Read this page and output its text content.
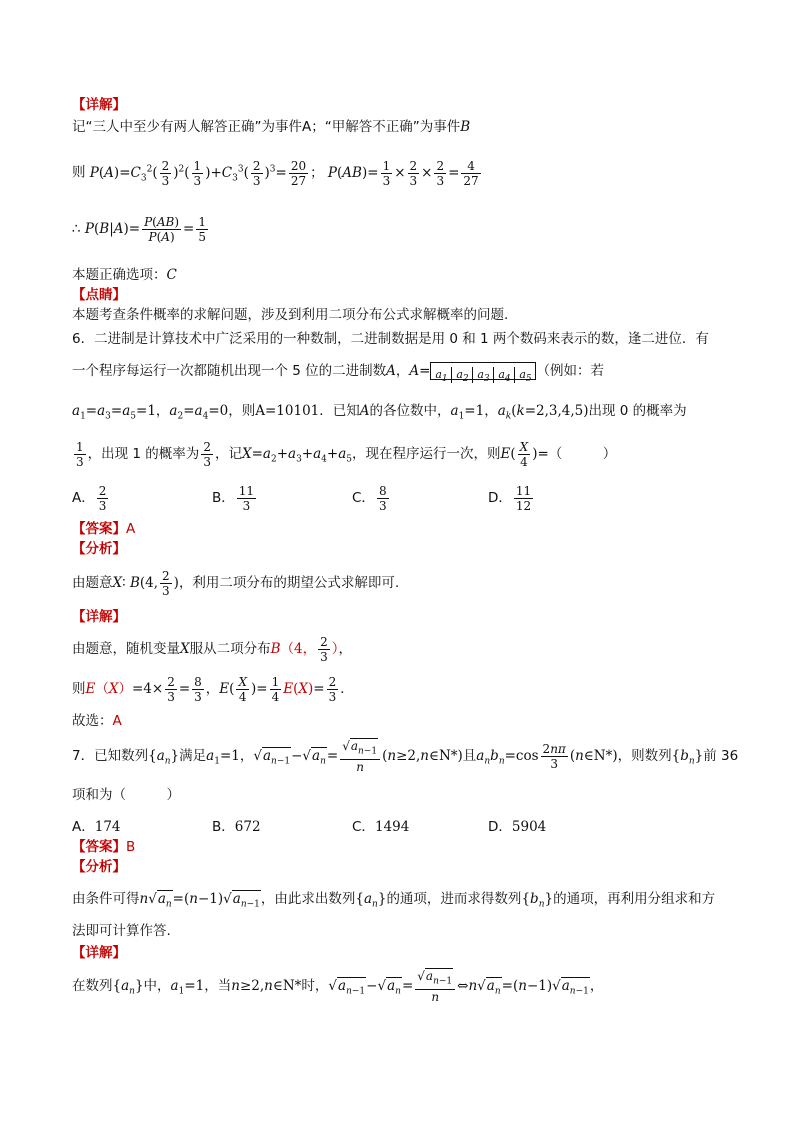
【详解】
记“三人中至少有两人解答正确”为事件A；“甲解答不正确”为事件B
则 $P(A)=C_3^2( \frac{2}{3} )^2( \frac{1}{3} )+C_3^3( \frac{2}{3} )^3= \frac{20}{27}$ ； $P(AB)= \frac{1}{3} \times \frac{2}{3} \times \frac{2}{3} = \frac{4}{27}$
∴ $P(B|A)= \frac{P(AB)}{P(A)} = \frac{1}{5}$
本题正确选项：C
【点睛】
本题考查条件概率的求解问题，涉及到利用二项分布公式求解概率的问题.
6．二进制是计算技术中广泛采用的一种数制，二进制数据是用 0 和 1 两个数码来表示的数，逢二进位．有
一个程序每运行一次都随机出现一个 5 位的二进制数A，$A= a_1$ $a_2$ $a_3$ $a_4$ $a_5$（例如：若
$a_1=a_3=a_5=1$，$a_2=a_4=0$，则A=10101．已知A的各位数中，$a_1=1$，$a_k(k=2,3,4,5)$出现 0 的概率为
$\frac{1}{3}$ ，出现 1 的概率为 $\frac{2}{3}$ ，记$X=a_2+a_3+a_4+a_5$，现在程序运行一次，则$E( \frac{X}{4}$ )=（　　　）
A． $\frac{2}{3}$	B． $\frac{11}{3}$	C． $\frac{8}{3}$	D． $\frac{11}{12}$
【答案】A
【分析】
由题意X∶ B(4, $\frac{2}{3}$ )，利用二项分布的期望公式求解即可.
【详解】
由题意，随机变量X服从二项分布B（4， $\frac{2}{3}$ ），
则$E(X)=4\times \frac{2}{3} = \frac{8}{3}$ ，$E( \frac{X}{4}$ )= $\frac{1}{4} E(X)= \frac{2}{3}$ ．
故选：A
7．已知数列$\{a_n\}$满足$a_1=1$，$√a_{n-1}-√a_n= \frac{√a_{n-1}}{n}$ (n≥2,n∈N*)且$a_nb_n=\cos \frac{2n\pi}{3}$ (n∈N*)，则数列$\{b_n\}$前 36
项和为（　　　）
A．174	B．672	C．1494	D．5904
【答案】B
【分析】
由条件可得$n√a_n=(n-1)√a_{n-1}$，由此求出数列$\{a_n\}$的通项，进而求得数列$\{b_n\}$的通项，再利用分组求和方
法即可计算作答.
【详解】
在数列$\{a_n\}$中，$a_1=1$，当n≥2,n∈N*时，$√a_{n-1}-√a_n= \frac{√a_{n-1}}{n}$ $\Leftrightarrow n√a_n=(n-1)√a_{n-1}$，
